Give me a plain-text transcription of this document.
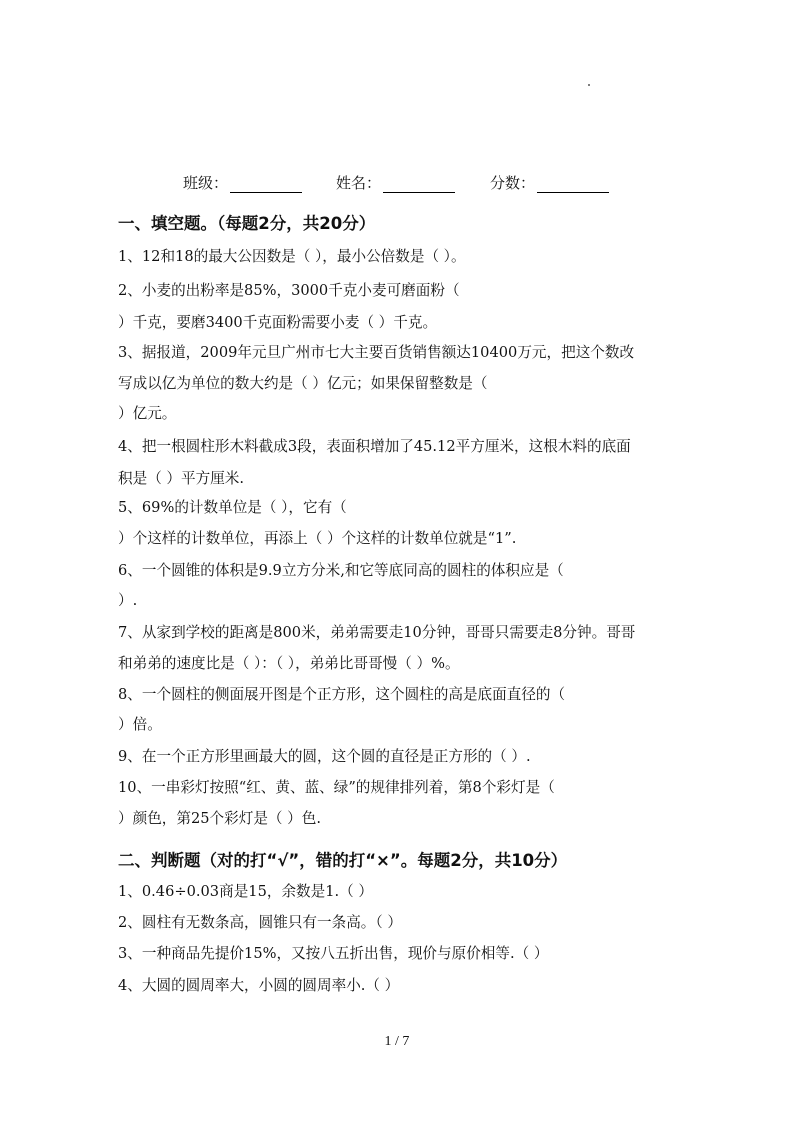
班级：	姓名：	分数：
一、填空题。（每题2分，共20分）
1、12和18的最大公因数是（ ），最小公倍数是（ ）。
2、小麦的出粉率是85%，3000千克小麦可磨面粉（
）千克，要磨3400千克面粉需要小麦（ ）千克。
3、据报道，2009年元旦广州市七大主要百货销售额达10400万元，把这个数改
写成以亿为单位的数大约是（ ）亿元；如果保留整数是（
）亿元。
4、把一根圆柱形木料截成3段，表面积增加了45.12平方厘米，这根木料的底面
积是（ ）平方厘米.
5、69%的计数单位是（ ），它有（
）个这样的计数单位，再添上（ ）个这样的计数单位就是“1”.
6、一个圆锥的体积是9.9立方分米,和它等底同高的圆柱的体积应是（
）.
7、从家到学校的距离是800米，弟弟需要走10分钟，哥哥只需要走8分钟。哥哥
和弟弟的速度比是（ ）：（ ），弟弟比哥哥慢（ ）%。
8、一个圆柱的侧面展开图是个正方形，这个圆柱的高是底面直径的（
）倍。
9、在一个正方形里画最大的圆，这个圆的直径是正方形的（ ）.
10、一串彩灯按照“红、黄、蓝、绿”的规律排列着，第8个彩灯是（
）颜色，第25个彩灯是（ ）色.
二、判断题（对的打“√”，错的打“×”。每题2分，共10分）
1、0.46÷0.03商是15，余数是1.（ ）
2、圆柱有无数条高，圆锥只有一条高。（ ）
3、一种商品先提价15%，又按八五折出售，现价与原价相等.（ ）
4、大圆的圆周率大，小圆的圆周率小.（ ）
1 / 7
